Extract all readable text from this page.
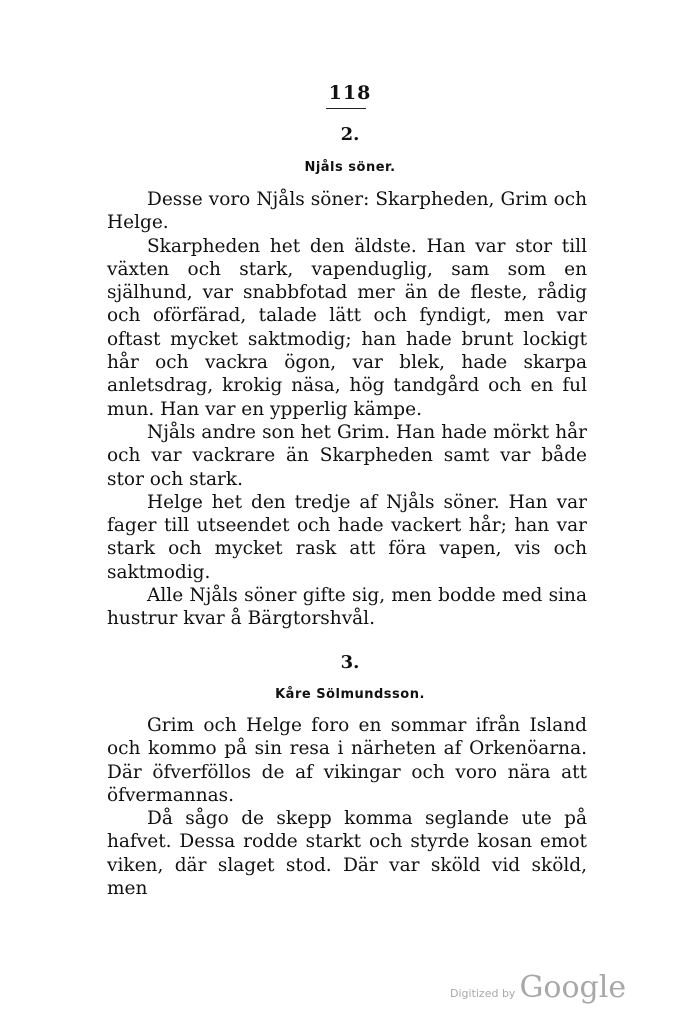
118
2.
Njåls söner.

Desse voro Njåls söner: Skarpheden, Grim och Helge.

Skarpheden het den äldste. Han var stor till växten och stark, vapenduglig, sam som en själhund, var snabbfotad mer än de fleste, rådig och oförfärad, talade lätt och fyndigt, men var oftast mycket saktmodig; han hade brunt lockigt hår och vackra ögon, var blek, hade skarpa anletsdrag, krokig näsa, hög tandgård och en ful mun. Han var en ypperlig kämpe.

Njåls andre son het Grim. Han hade mörkt hår och var vackrare än Skarpheden samt var både stor och stark.

Helge het den tredje af Njåls söner. Han var fager till utseendet och hade vackert hår; han var stark och mycket rask att föra vapen, vis och saktmodig.

Alle Njåls söner gifte sig, men bodde med sina hustrur kvar å Bärgtorshvål.

3.
Kåre Sölmundsson.

Grim och Helge foro en sommar ifrån Island och kommo på sin resa i närheten af Orkenöarna. Där öfverföllos de af vikingar och voro nära att öfvermannas.

Då sågo de skepp komma seglande ute på hafvet. Dessa rodde starkt och styrde kosan emot viken, där slaget stod. Där var sköld vid sköld, men

Digitized by Google
